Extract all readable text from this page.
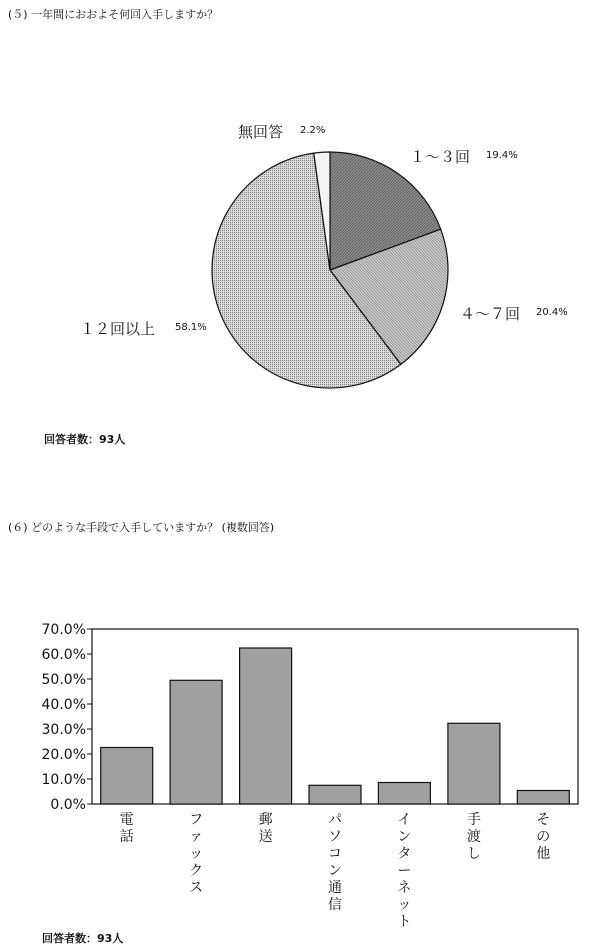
(５) 一年間におおよそ何回入手しますか？
１～３回 19.4%
４～７回 20.4%
１２回以上 58.1%
無回答 2.2%
回答者数：93人
(６) どのような手段で入手していますか？ (複数回答)
0.0%
10.0%
20.0%
30.0%
40.0%
50.0%
60.0%
70.0%
電話
ファックス
郵送
パソコン通信
インターネット
手渡し
その他
回答者数：93人
